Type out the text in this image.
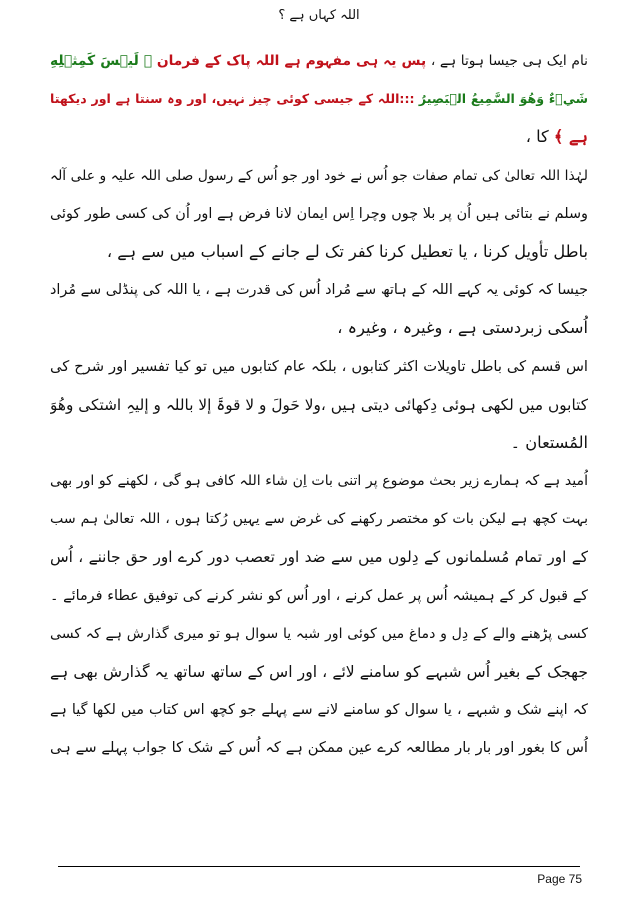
اللہ کہاں ہے ؟
نام ایک ہی جیسا ہوتا ہے ، پس یہ ہی مفہوم ہے اللہ پاک کے فرمان ﴿ لَيۡسَ كَمِثۡلِهِ
شَيۡءٌ وَهُوَ السَّمِيعُ الۡبَصِيرُ :::اللہ کے جیسی کوئی چیز نہیں، اور وہ سنتا ہے اور دیکھتا
ہے ﴾ کا ،
لہٰذا اللہ تعالیٰ کی تمام صفات جو اُس نے خود اور جو اُس کے رسول صلی اللہ علیہ و علی آلہ
وسلم نے بتائی ہیں اُن پر بلا چوں وچرا اِس ایمان لانا فرض ہے اور اُن کی کسی طور کوئی
باطل تأویل کرنا ، یا تعطیل کرنا کفر تک لے جانے کے اسباب میں سے ہے ،
جیسا کہ کوئی یہ کہے اللہ کے ہاتھ سے مُراد اُس کی قدرت ہے ، یا اللہ کی پنڈلی سے مُراد
اُسکی زبردستی ہے ، وغیرہ ، وغیرہ ،
اس قسم کی باطل تاویلات اکثر کتابوں ، بلکہ عام کتابوں میں تو کیا تفسیر اور شرح کی
کتابوں میں لکھی ہوئی دِکھائی دیتی ہیں ،ولا حَولَ و لا قوۃَ إلا باللہ و إلیہِ اشتکی وھُوَ
المُستعان ۔
اُمید ہے کہ ہمارے زیر بحث موضوع پر اتنی بات اِن شاء اللہ کافی ہو گی ، لکھنے کو اور بھی
بہت کچھ ہے لیکن بات کو مختصر رکھنے کی غرض سے یہیں رُکتا ہوں ، اللہ تعالیٰ ہم سب
کے اور تمام مُسلمانوں کے دِلوں میں سے ضد اور تعصب دور کرے اور حق جاننے ، اُس
کے قبول کر کے ہمیشہ اُس پر عمل کرنے ، اور اُس کو نشر کرنے کی توفیق عطاء فرمائے ۔
کسی پڑھنے والے کے دِل و دماغ میں کوئی اور شبہ یا سوال ہو تو میری گذارش ہے کہ کسی
جھجک کے بغیر اُس شبہے کو سامنے لائے ، اور اس کے ساتھ ساتھ یہ گذارش بھی ہے
کہ اپنے شک و شبہے ، یا سوال کو سامنے لانے سے پہلے جو کچھ اس کتاب میں لکھا گیا ہے
اُس کا بغور اور بار بار مطالعہ کرے عین ممکن ہے کہ اُس کے شک کا جواب پہلے سے ہی
Page 75
